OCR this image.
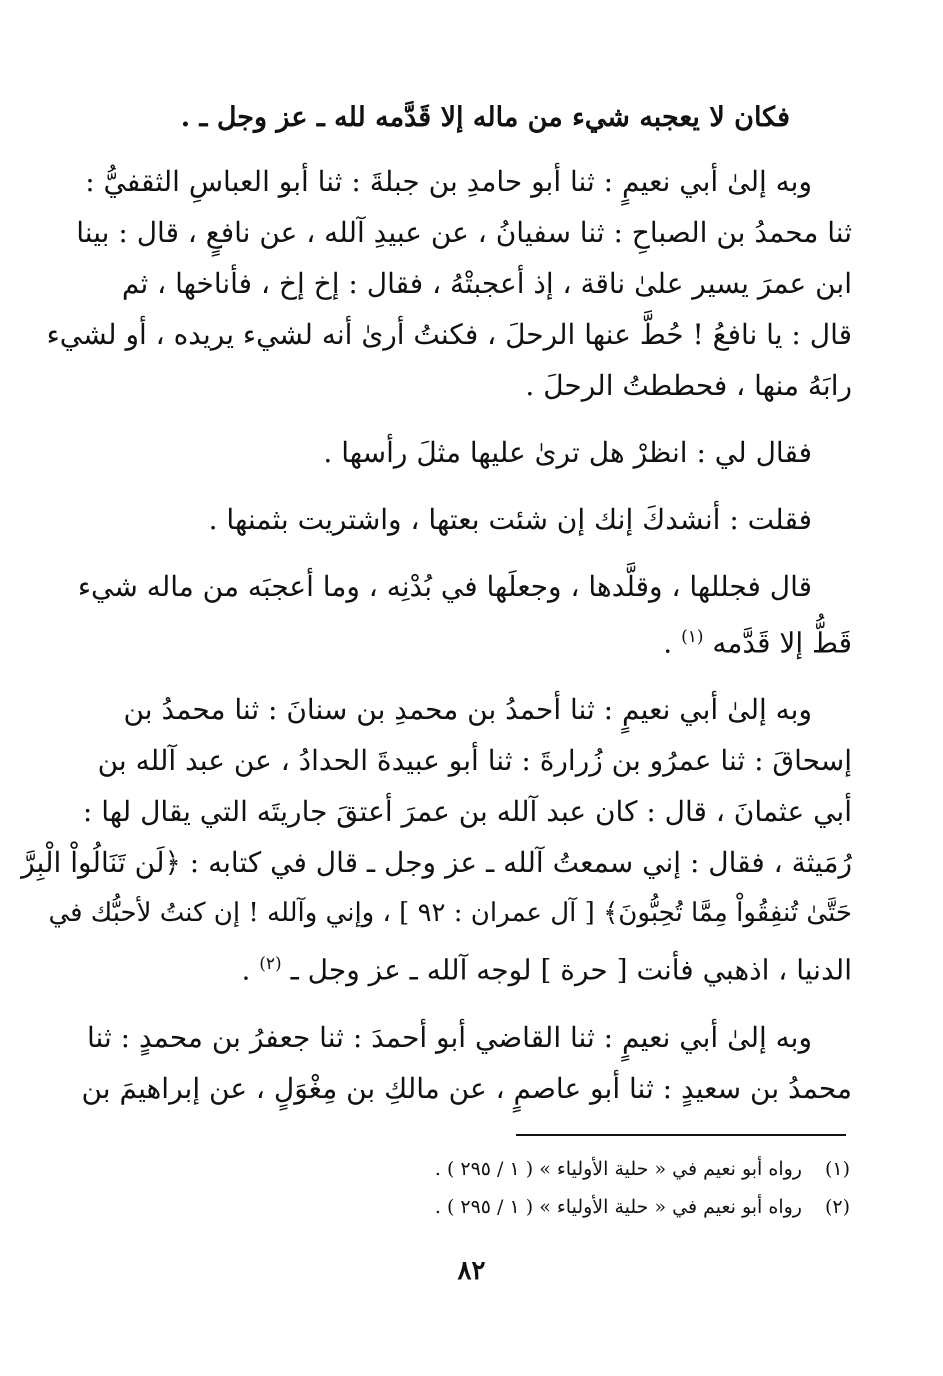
فكان لا يعجبه شيء من ماله إلا قَدَّمه لله ـ عز وجل ـ .

وبه إلىٰ أبي نعيمٍ : ثنا أبو حامدِ بن جبلةَ : ثنا أبو العباسِ الثقفيُّ :

ثنا محمدُ بن الصباحِ : ثنا سفيانُ ، عن عبيدِ آلله ، عن نافعٍ ، قال : بينا

ابن عمرَ يسير علىٰ ناقة ، إذ أعجبتْهُ ، فقال : إخ إخ ، فأناخها ، ثم

قال : يا نافعُ ! حُطَّ عنها الرحلَ ، فكنتُ أرىٰ أنه لشيء يريده ، أو لشيء

رابَهُ منها ، فحططتُ الرحلَ .

فقال لي : انظرْ هل ترىٰ عليها مثلَ رأسها .

فقلت : أنشدكَ إنك إن شئت بعتها ، واشتريت بثمنها .

قال فجللها ، وقلَّدها ، وجعلَها في بُدْنِه ، وما أعجبَه من ماله شيء

قَطُّ إلا قَدَّمه $^{(١)}$ .

وبه إلىٰ أبي نعيمٍ : ثنا أحمدُ بن محمدِ بن سنانَ : ثنا محمدُ بن

إسحاقَ : ثنا عمرُو بن زُرارةَ : ثنا أبو عبيدةَ الحدادُ ، عن عبد آلله بن

أبي عثمانَ ، قال : كان عبد آلله بن عمرَ أعتقَ جاريتَه التي يقال لها :

رُمَيثة ، فقال : إني سمعتُ آلله ـ عز وجل ـ قال في كتابه : ﴿لَن تَنَالُواْ الْبِرَّ

حَتَّىٰ تُنفِقُواْ مِمَّا تُحِبُّونَ﴾ [ آل عمران : ٩٢ ] ، وإني وآلله ! إن كنتُ لأحبُّك في

الدنيا ، اذهبي فأنت [ حرة ] لوجه آلله ـ عز وجل ـ $^{(٢)}$ .

وبه إلىٰ أبي نعيمٍ : ثنا القاضي أبو أحمدَ : ثنا جعفرُ بن محمدٍ : ثنا

محمدُ بن سعيدٍ : ثنا أبو عاصمٍ ، عن مالكِ بن مِغْوَلٍ ، عن إبراهيمَ بن

(١) رواه أبو نعيم في « حلية الأولياء » ( ١ / ٢٩٥ ) .
(٢) رواه أبو نعيم في « حلية الأولياء » ( ١ / ٢٩٥ ) .
٨٢
